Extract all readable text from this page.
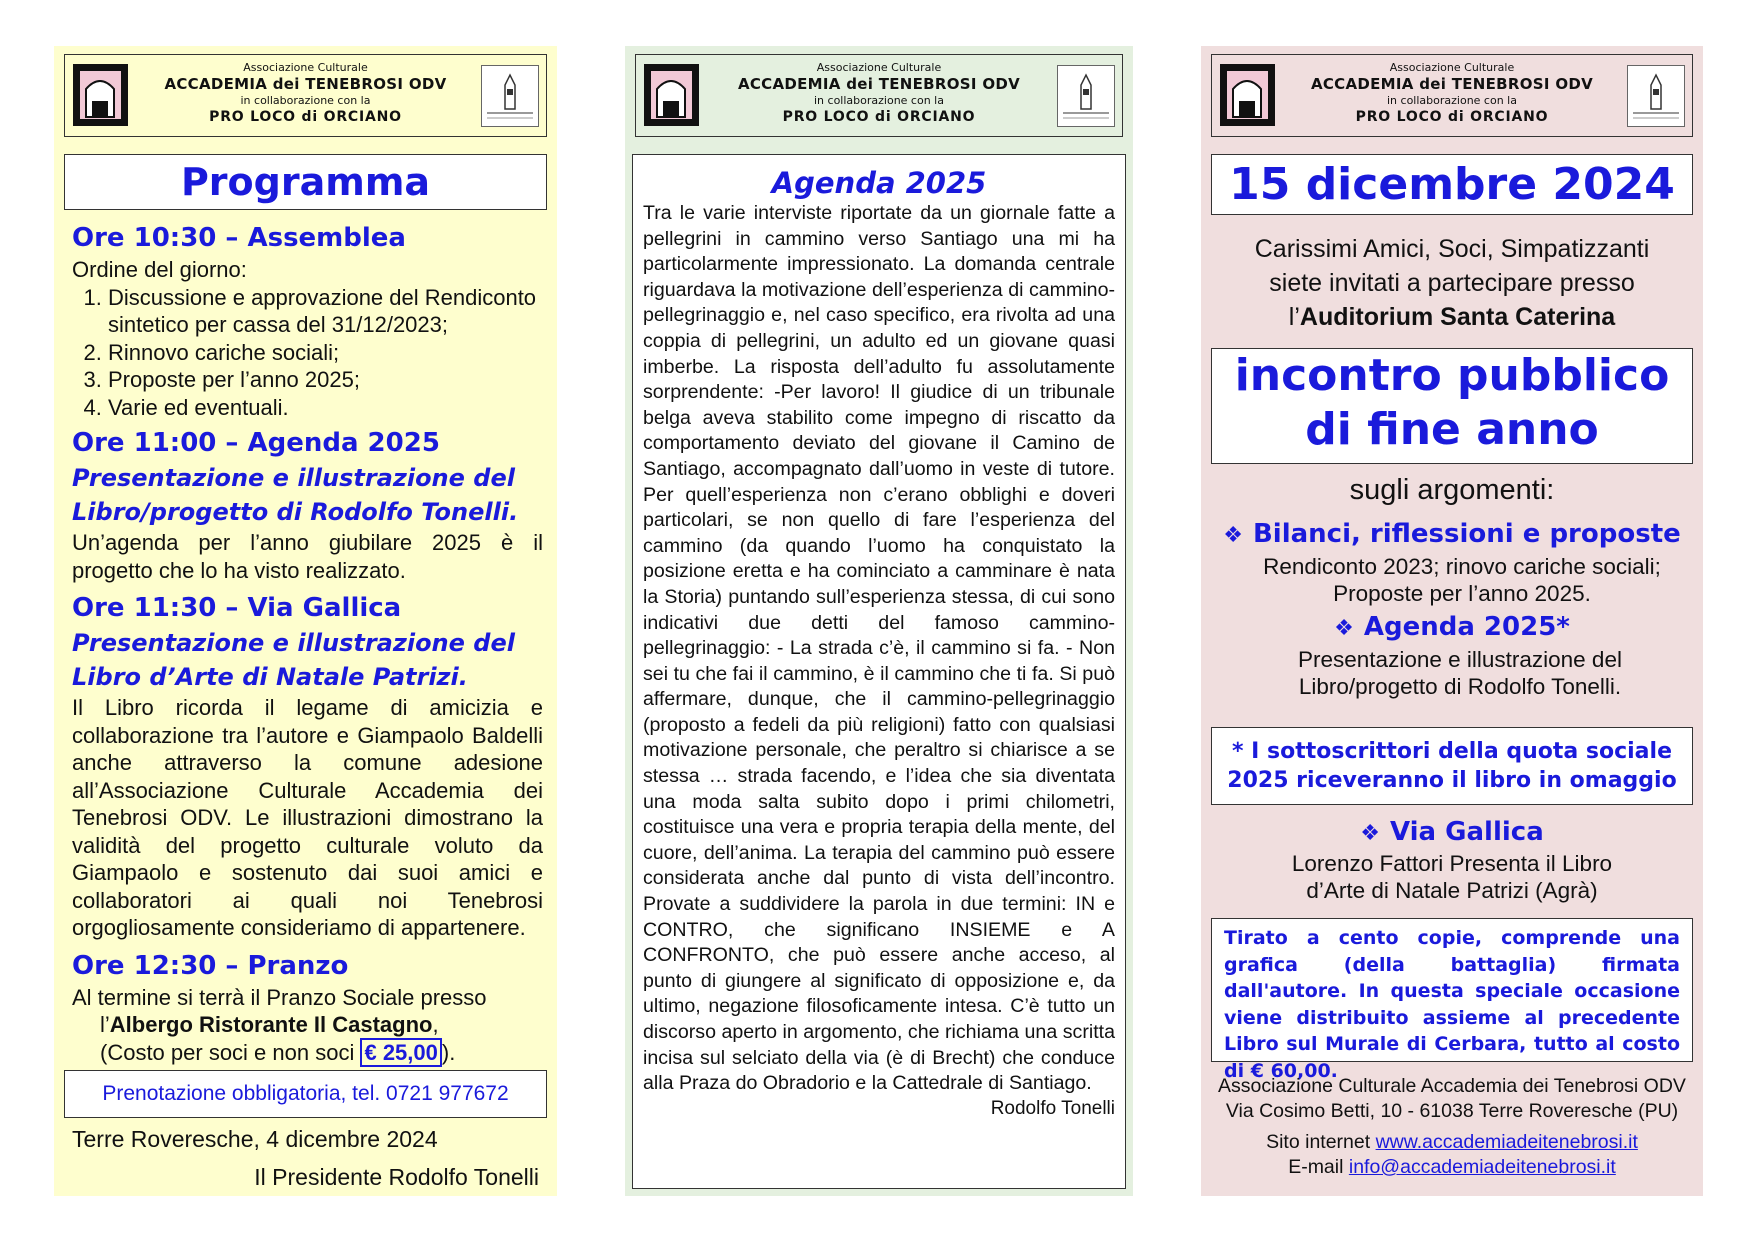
Associazione Culturale
ACCADEMIA dei TENEBROSI ODV
in collaborazione con la
PRO LOCO di ORCIANO
Programma
Ore 10:30 – Assemblea
Ordine del giorno:
1. Discussione e approvazione del Rendiconto sintetico per cassa del 31/12/2023;
2. Rinnovo cariche sociali;
3. Proposte per l’anno 2025;
4. Varie ed eventuali.
Ore 11:00 – Agenda 2025
Presentazione e illustrazione del Libro/progetto di Rodolfo Tonelli.
Un’agenda per l’anno giubilare 2025 è il progetto che lo ha visto realizzato.
Ore 11:30 – Via Gallica
Presentazione e illustrazione del Libro d’Arte di Natale Patrizi.
Il Libro ricorda il legame di amicizia e collaborazione tra l’autore e Giampaolo Baldelli anche attraverso la comune adesione all’Associazione Culturale Accademia dei Tenebrosi ODV. Le illustrazioni dimostrano la validità del progetto culturale voluto da Giampaolo e sostenuto dai suoi amici e collaboratori ai quali noi Tenebrosi orgogliosamente consideriamo di appartenere.
Ore 12:30 – Pranzo
Al termine si terrà il Pranzo Sociale presso
l’Albergo Ristorante Il Castagno,
(Costo per soci e non soci € 25,00 ).
Prenotazione obbligatoria, tel. 0721 977672
Terre Roveresche, 4 dicembre 2024
Il Presidente Rodolfo Tonelli
Associazione Culturale
ACCADEMIA dei TENEBROSI ODV
in collaborazione con la
PRO LOCO di ORCIANO
Agenda 2025
Tra le varie interviste riportate da un giornale fatte a pellegrini in cammino verso Santiago una mi ha particolarmente impressionato. La domanda centrale riguardava la motivazione dell’esperienza di cammino-pellegrinaggio e, nel caso specifico, era rivolta ad una coppia di pellegrini, un adulto ed un giovane quasi imberbe. La risposta dell’adulto fu assolutamente sorprendente: -Per lavoro! Il giudice di un tribunale belga aveva stabilito come impegno di riscatto da comportamento deviato del giovane il Camino de Santiago, accompagnato dall’uomo in veste di tutore. Per quell’esperienza non c’erano obblighi e doveri particolari, se non quello di fare l’esperienza del cammino (da quando l’uomo ha conquistato la posizione eretta e ha cominciato a camminare è nata la Storia) puntando sull’esperienza stessa, di cui sono indicativi due detti del famoso cammino-pellegrinaggio: - La strada c’è, il cammino si fa. - Non sei tu che fai il cammino, è il cammino che ti fa. Si può affermare, dunque, che il cammino-pellegrinaggio (proposto a fedeli da più religioni) fatto con qualsiasi motivazione personale, che peraltro si chiarisce a se stessa … strada facendo, e l’idea che sia diventata una moda salta subito dopo i primi chilometri, costituisce una vera e propria terapia della mente, del cuore, dell’anima. La terapia del cammino può essere considerata anche dal punto di vista dell’incontro. Provate a suddividere la parola in due termini: IN e CONTRO, che significano INSIEME e A CONFRONTO, che può essere anche acceso, al punto di giungere al significato di opposizione e, da ultimo, negazione filosoficamente intesa. C’è tutto un discorso aperto in argomento, che richiama una scritta incisa sul selciato della via (è di Brecht) che conduce alla Praza do Obradorio e la Cattedrale di Santiago.
Rodolfo Tonelli
Associazione Culturale
ACCADEMIA dei TENEBROSI ODV
in collaborazione con la
PRO LOCO di ORCIANO
15 dicembre 2024
Carissimi Amici, Soci, Simpatizzanti
siete invitati a partecipare presso
l’Auditorium Santa Caterina
incontro pubblico
di fine anno
sugli argomenti:
❖ Bilanci, riflessioni e proposte
Rendiconto 2023; rinovo cariche sociali; Proposte per l’anno 2025.
❖ Agenda 2025*
Presentazione e illustrazione del Libro/progetto di Rodolfo Tonelli.
* I sottoscrittori della quota sociale 2025 riceveranno il libro in omaggio
❖ Via Gallica
Lorenzo Fattori Presenta il Libro d’Arte di Natale Patrizi (Agrà)
Tirato a cento copie, comprende una grafica (della battaglia) firmata dall'autore. In questa speciale occasione viene distribuito assieme al precedente Libro sul Murale di Cerbara, tutto al costo di € 60,00.
Associazione Culturale Accademia dei Tenebrosi ODV
Via Cosimo Betti, 10 - 61038 Terre Roveresche (PU)
Sito internet www.accademiadeitenebrosi.it
E-mail info@accademiadeitenebrosi.it
